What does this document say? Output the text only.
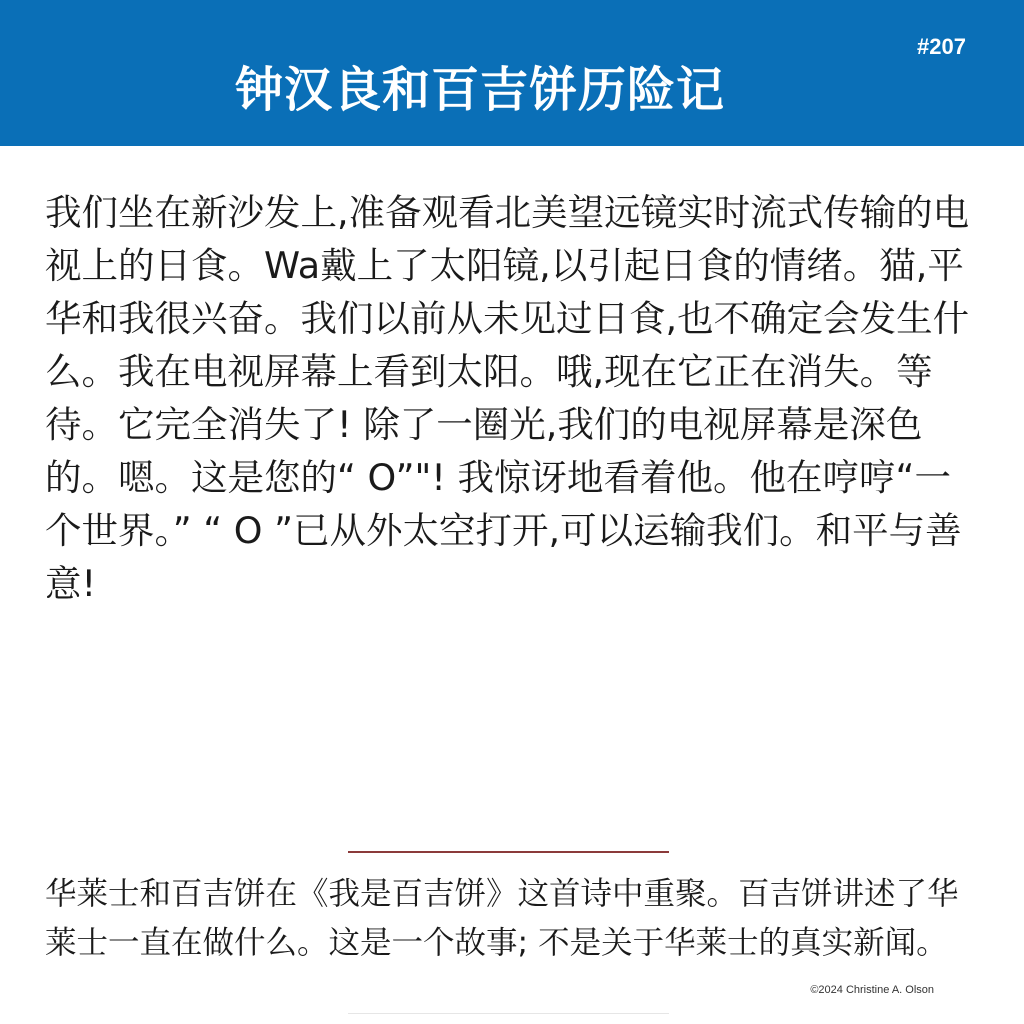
钟汉良和百吉饼历险记
#207

我们坐在新沙发上,准备观看北美望远镜实时流式传输的电视上的日食。Wa戴上了太阳镜,以引起日食的情绪。猫,平华和我很兴奋。我们以前从未见过日食,也不确定会发生什么。我在电视屏幕上看到太阳。哦,现在它正在消失。等待。它完全消失了! 除了一圈光,我们的电视屏幕是深色的。嗯。这是您的“ O”"! 我惊讶地看着他。他在哼哼“一个世界。” “ O ”已从外太空打开,可以运输我们。和平与善意!

华莱士和百吉饼在《我是百吉饼》这首诗中重聚。百吉饼讲述了华莱士一直在做什么。这是一个故事; 不是关于华莱士的真实新闻。

©2024 Christine A. Olson
